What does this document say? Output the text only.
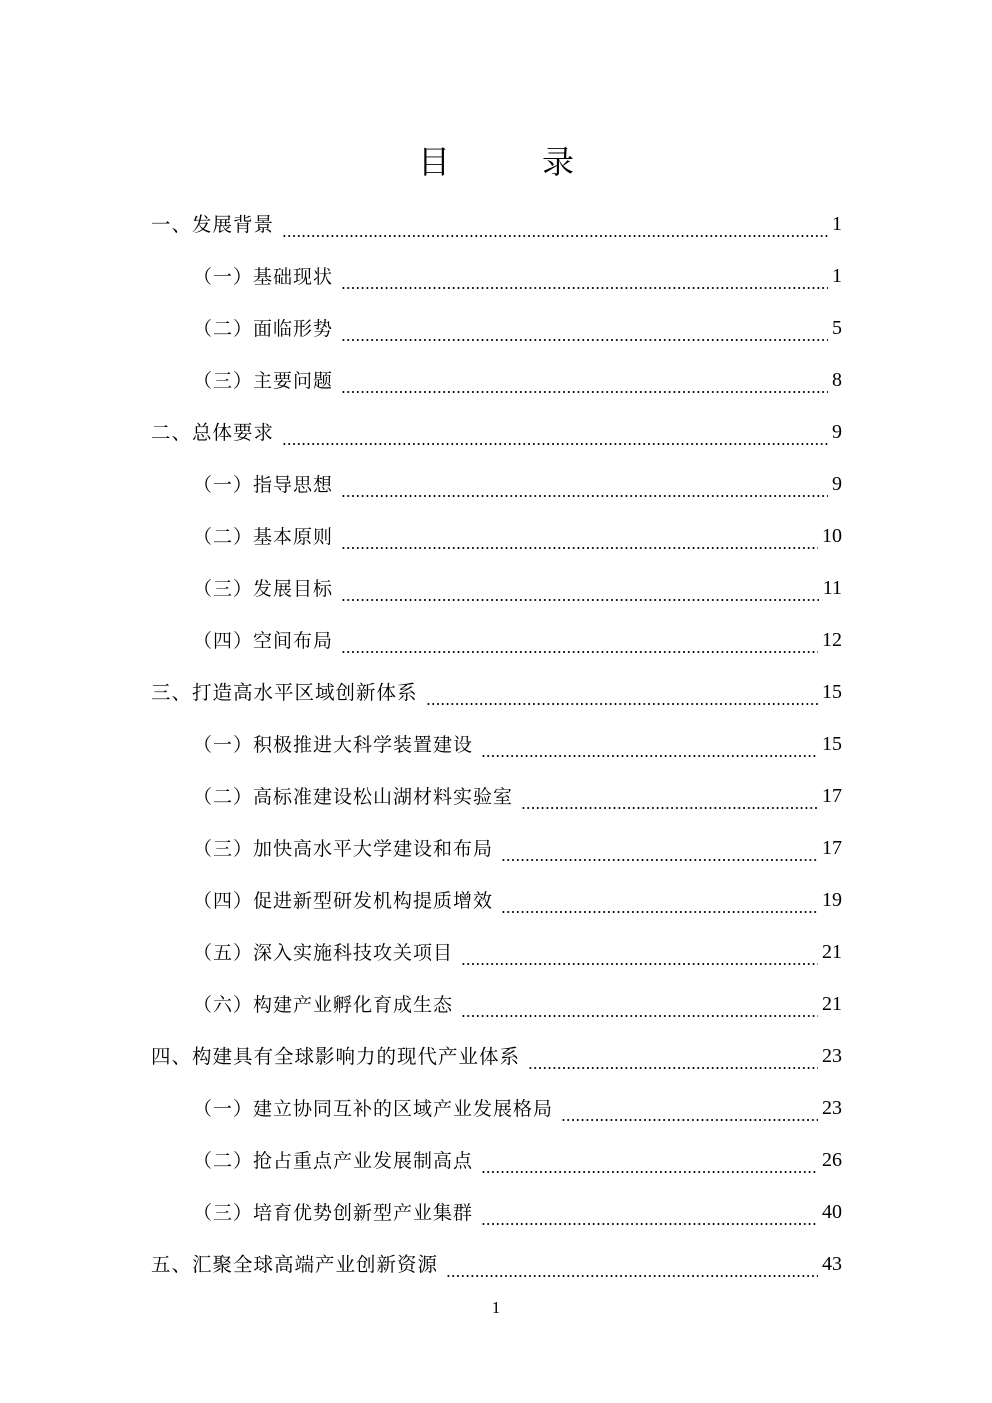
目　录
一、发展背景	1
（一）基础现状	1
（二）面临形势	5
（三）主要问题	8
二、总体要求	9
（一）指导思想	9
（二）基本原则	10
（三）发展目标	11
（四）空间布局	12
三、打造高水平区域创新体系	15
（一）积极推进大科学装置建设	15
（二）高标准建设松山湖材料实验室	17
（三）加快高水平大学建设和布局	17
（四）促进新型研发机构提质增效	19
（五）深入实施科技攻关项目	21
（六）构建产业孵化育成生态	21
四、构建具有全球影响力的现代产业体系	23
（一）建立协同互补的区域产业发展格局	23
（二）抢占重点产业发展制高点	26
（三）培育优势创新型产业集群	40
五、汇聚全球高端产业创新资源	43
1
